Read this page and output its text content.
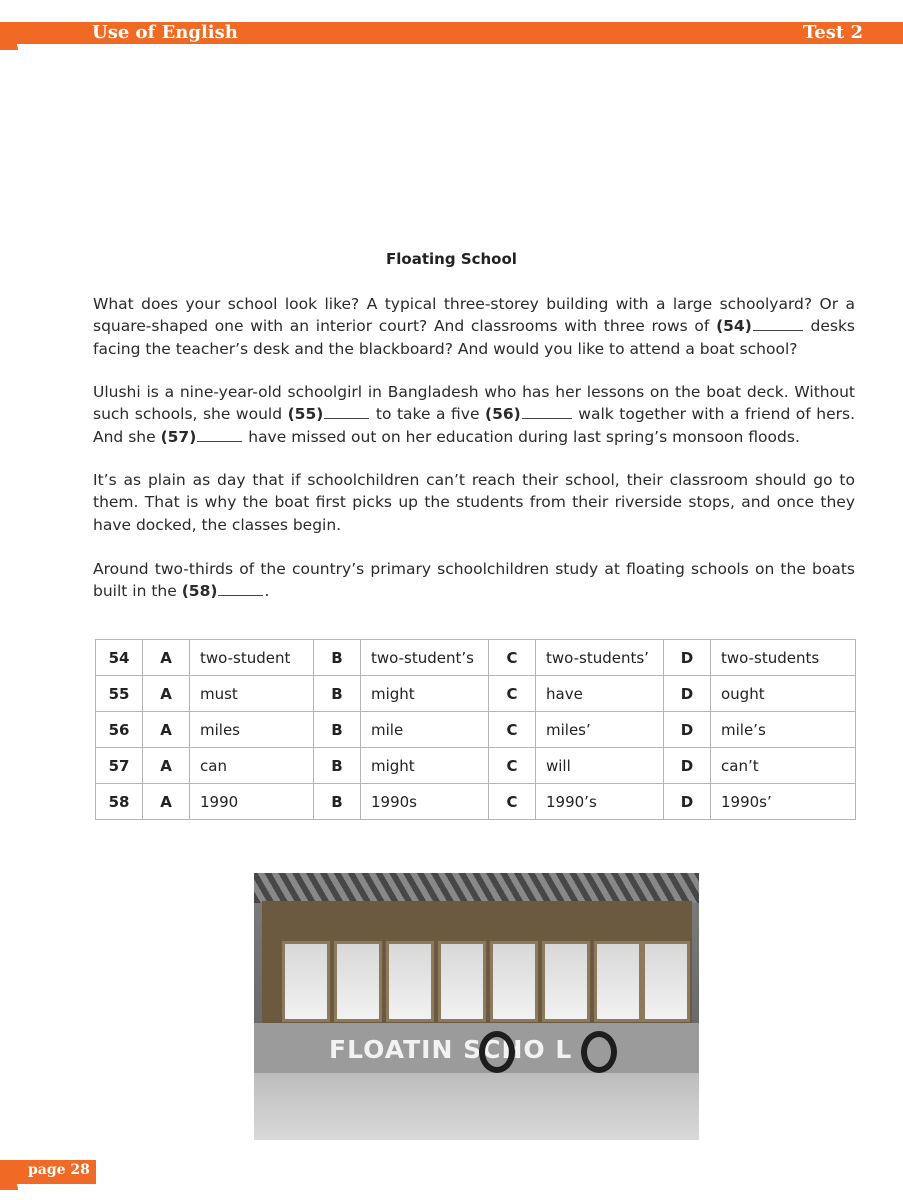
Use of English	Test 2
Floating School
What does your school look like? A typical three-storey building with a large schoolyard? Or a square-shaped one with an interior court? And classrooms with three rows of (54)	desks facing the teacher’s desk and the blackboard? And would you like to attend a boat school?
Ulushi is a nine-year-old schoolgirl in Bangladesh who has her lessons on the boat deck. Without such schools, she would (55)	to take a five (56)	walk together with a friend of hers. And she (57)	have missed out on her education during last spring’s monsoon floods.
It’s as plain as day that if schoolchildren can’t reach their school, their classroom should go to them. That is why the boat first picks up the students from their riverside stops, and once they have docked, the classes begin.
Around two-thirds of the country’s primary schoolchildren study at floating schools on the boats built in the (58)	.
54	A	two-student	B	two-student’s	C	two-students’	D	two-students
55	A	must	B	might	C	have	D	ought
56	A	miles	B	mile	C	miles’	D	mile’s
57	A	can	B	might	C	will	D	can’t
58	A	1990	B	1990s	C	1990’s	D	1990s’
FLOATIN SCHO L
page 28
